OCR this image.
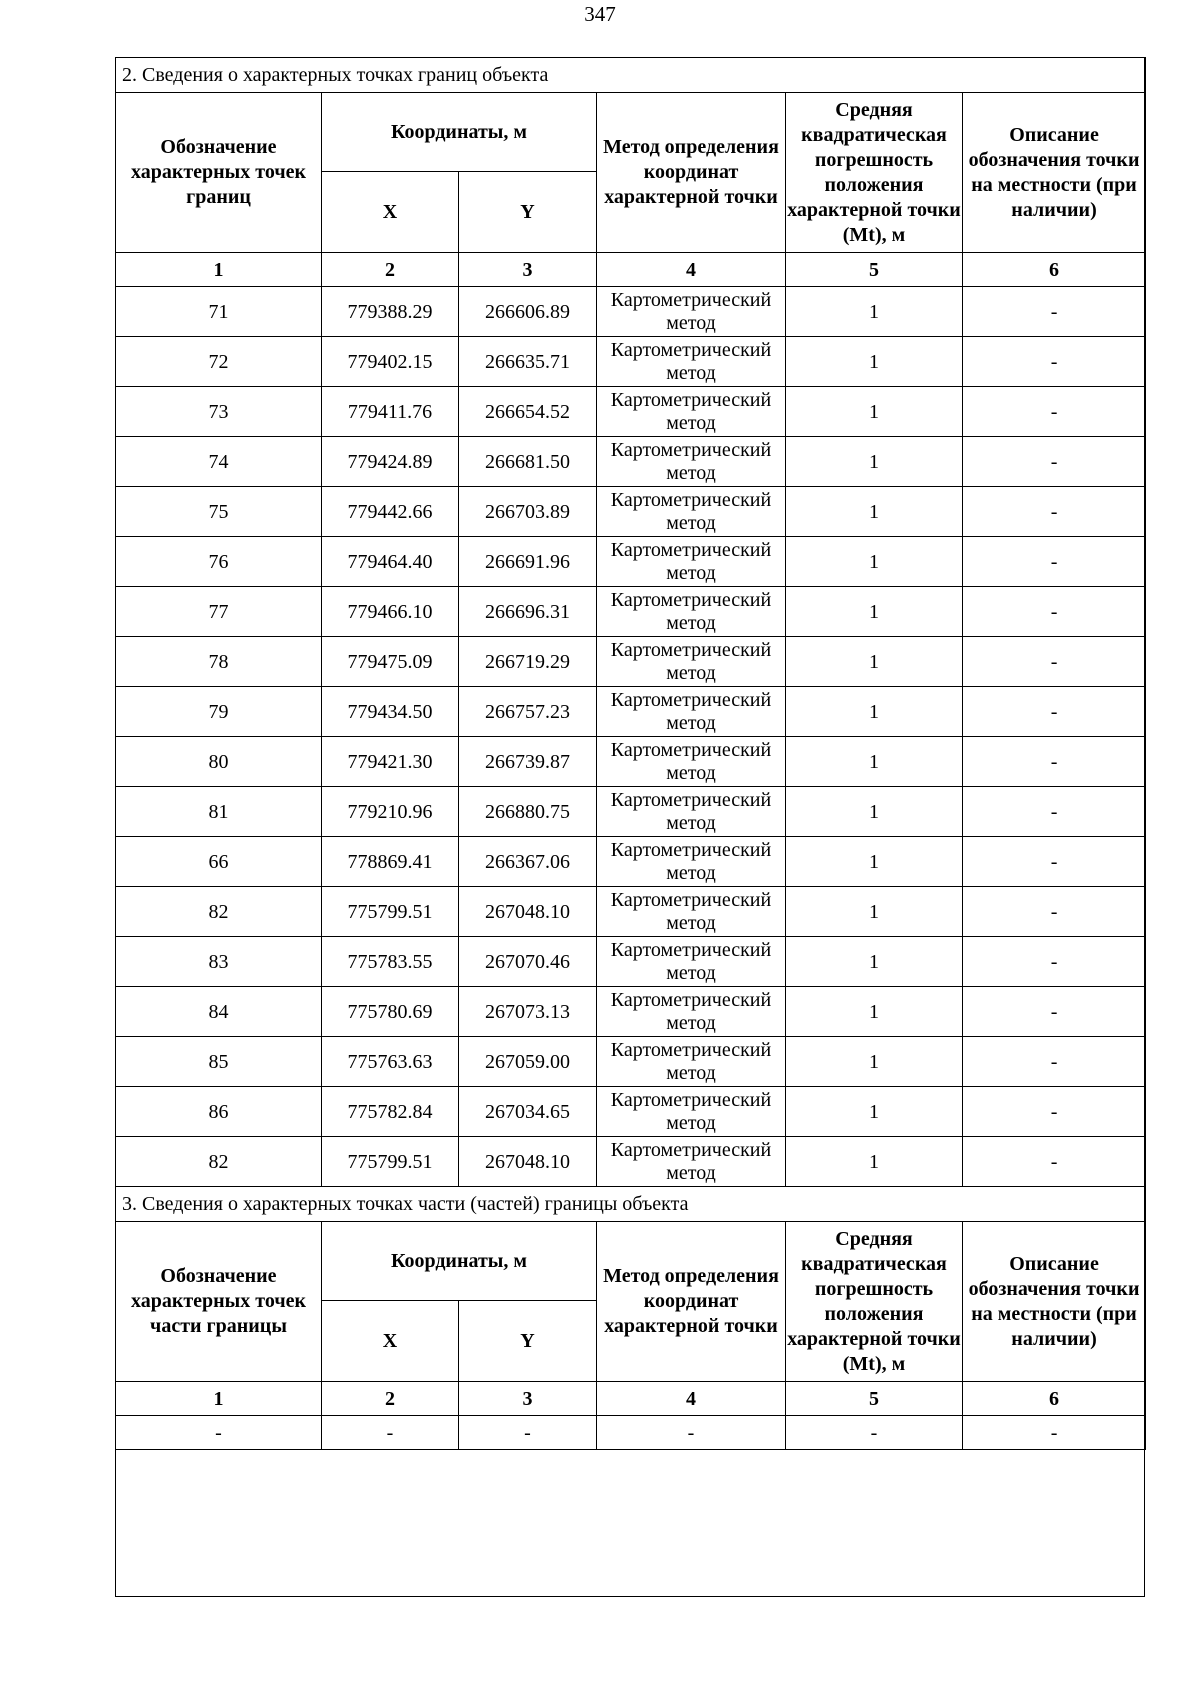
347
2. Сведения о характерных точках границ объекта					
Обозначение характерных точек границ	Координаты, м		Метод определения координат характерной точки	Средняя квадратическая погрешность положения характерной точки (Mt), м	Описание обозначения точки на местности (при наличии)
	X	Y			
1	2	3	4	5	6
71	779388.29	266606.89	Картометрический метод	1	-
72	779402.15	266635.71	Картометрический метод	1	-
73	779411.76	266654.52	Картометрический метод	1	-
74	779424.89	266681.50	Картометрический метод	1	-
75	779442.66	266703.89	Картометрический метод	1	-
76	779464.40	266691.96	Картометрический метод	1	-
77	779466.10	266696.31	Картометрический метод	1	-
78	779475.09	266719.29	Картометрический метод	1	-
79	779434.50	266757.23	Картометрический метод	1	-
80	779421.30	266739.87	Картометрический метод	1	-
81	779210.96	266880.75	Картометрический метод	1	-
66	778869.41	266367.06	Картометрический метод	1	-
82	775799.51	267048.10	Картометрический метод	1	-
83	775783.55	267070.46	Картометрический метод	1	-
84	775780.69	267073.13	Картометрический метод	1	-
85	775763.63	267059.00	Картометрический метод	1	-
86	775782.84	267034.65	Картометрический метод	1	-
82	775799.51	267048.10	Картометрический метод	1	-
3. Сведения о характерных точках части (частей) границы объекта					
Обозначение характерных точек части границы	Координаты, м		Метод определения координат характерной точки	Средняя квадратическая погрешность положения характерной точки (Mt), м	Описание обозначения точки на местности (при наличии)
	X	Y			
1	2	3	4	5	6
-	-	-	-	-	-
